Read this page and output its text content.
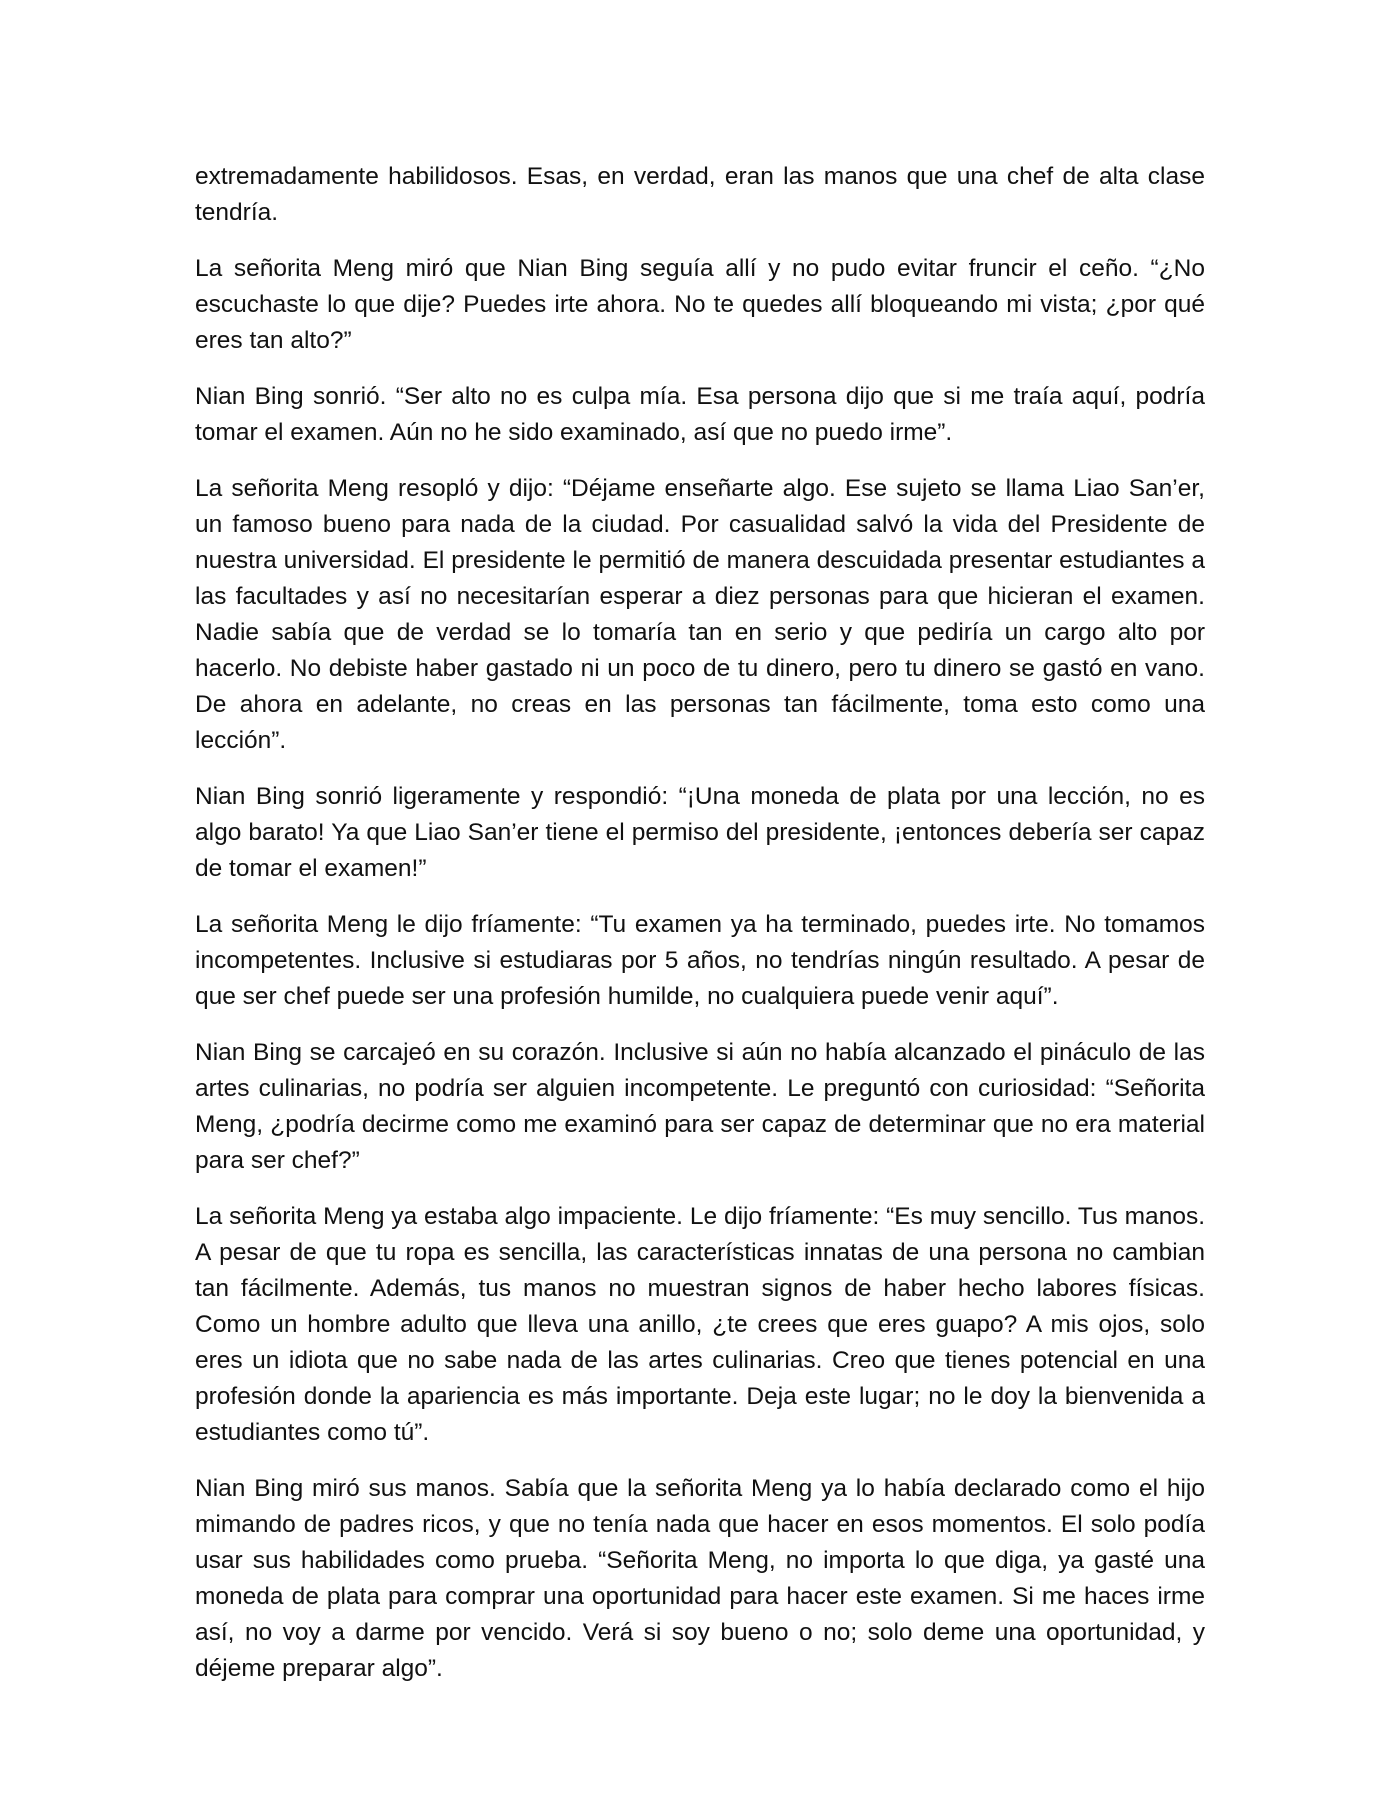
extremadamente habilidosos. Esas, en verdad, eran las manos que una chef de alta clase tendría.

La señorita Meng miró que Nian Bing seguía allí y no pudo evitar fruncir el ceño. “¿No escuchaste lo que dije? Puedes irte ahora. No te quedes allí bloqueando mi vista; ¿por qué eres tan alto?”

Nian Bing sonrió. “Ser alto no es culpa mía. Esa persona dijo que si me traía aquí, podría tomar el examen. Aún no he sido examinado, así que no puedo irme”.

La señorita Meng resopló y dijo: “Déjame enseñarte algo. Ese sujeto se llama Liao San’er, un famoso bueno para nada de la ciudad. Por casualidad salvó la vida del Presidente de nuestra universidad. El presidente le permitió de manera descuidada presentar estudiantes a las facultades y así no necesitarían esperar a diez personas para que hicieran el examen. Nadie sabía que de verdad se lo tomaría tan en serio y que pediría un cargo alto por hacerlo. No debiste haber gastado ni un poco de tu dinero, pero tu dinero se gastó en vano. De ahora en adelante, no creas en las personas tan fácilmente, toma esto como una lección”.

Nian Bing sonrió ligeramente y respondió: “¡Una moneda de plata por una lección, no es algo barato! Ya que Liao San’er tiene el permiso del presidente, ¡entonces debería ser capaz de tomar el examen!”

La señorita Meng le dijo fríamente: “Tu examen ya ha terminado, puedes irte. No tomamos incompetentes. Inclusive si estudiaras por 5 años, no tendrías ningún resultado. A pesar de que ser chef puede ser una profesión humilde, no cualquiera puede venir aquí”.

Nian Bing se carcajeó en su corazón. Inclusive si aún no había alcanzado el pináculo de las artes culinarias, no podría ser alguien incompetente. Le preguntó con curiosidad: “Señorita Meng, ¿podría decirme como me examinó para ser capaz de determinar que no era material para ser chef?”

La señorita Meng ya estaba algo impaciente. Le dijo fríamente: “Es muy sencillo. Tus manos. A pesar de que tu ropa es sencilla, las características innatas de una persona no cambian tan fácilmente. Además, tus manos no muestran signos de haber hecho labores físicas. Como un hombre adulto que lleva una anillo, ¿te crees que eres guapo? A mis ojos, solo eres un idiota que no sabe nada de las artes culinarias. Creo que tienes potencial en una profesión donde la apariencia es más importante. Deja este lugar; no le doy la bienvenida a estudiantes como tú”.

Nian Bing miró sus manos. Sabía que la señorita Meng ya lo había declarado como el hijo mimando de padres ricos, y que no tenía nada que hacer en esos momentos. El solo podía usar sus habilidades como prueba. “Señorita Meng, no importa lo que diga, ya gasté una moneda de plata para comprar una oportunidad para hacer este examen. Si me haces irme así, no voy a darme por vencido. Verá si soy bueno o no; solo deme una oportunidad, y déjeme preparar algo”.
